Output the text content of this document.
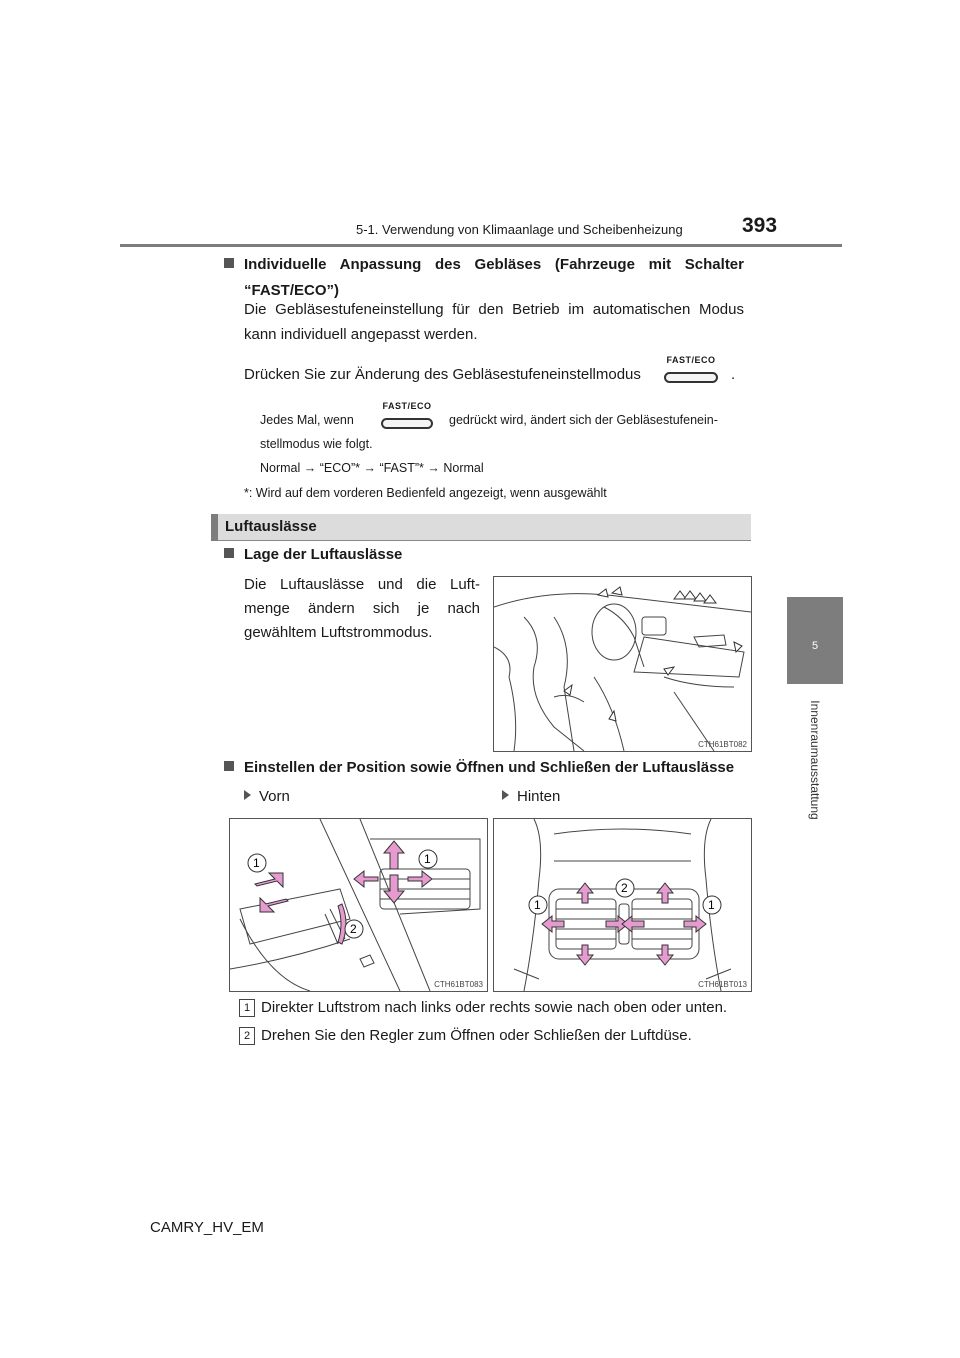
5-1. Verwendung von Klimaanlage und Scheibenheizung	393
5
Innenraumausstattung
Individuelle Anpassung des Gebläses (Fahrzeuge mit Schalter
“FAST/ECO”)
Die Gebläsestufeneinstellung für den Betrieb im automatischen Modus
kann individuell angepasst werden.
Drücken Sie zur Änderung des Gebläsestufeneinstellmodus
FAST/ECO
.
Jedes Mal, wenn
FAST/ECO
gedrückt wird, ändert sich der Gebläsestufenein-
stellmodus wie folgt.
Normal → “ECO”* → “FAST”* → Normal
*: Wird auf dem vorderen Bedienfeld angezeigt, wenn ausgewählt
Luftauslässe
Lage der Luftauslässe
Die Luftauslässe und die Luft-
menge ändern sich je nach
gewähltem Luftstrommodus.
CTH61BT082
Einstellen der Position sowie Öffnen und Schließen der Luftauslässe
Vorn	Hinten
1	1
2
CTH61BT083
1
2
1
CTH61BT013
1 Direkter Luftstrom nach links oder rechts sowie nach oben oder unten.
2 Drehen Sie den Regler zum Öffnen oder Schließen der Luftdüse.
CAMRY_HV_EM
